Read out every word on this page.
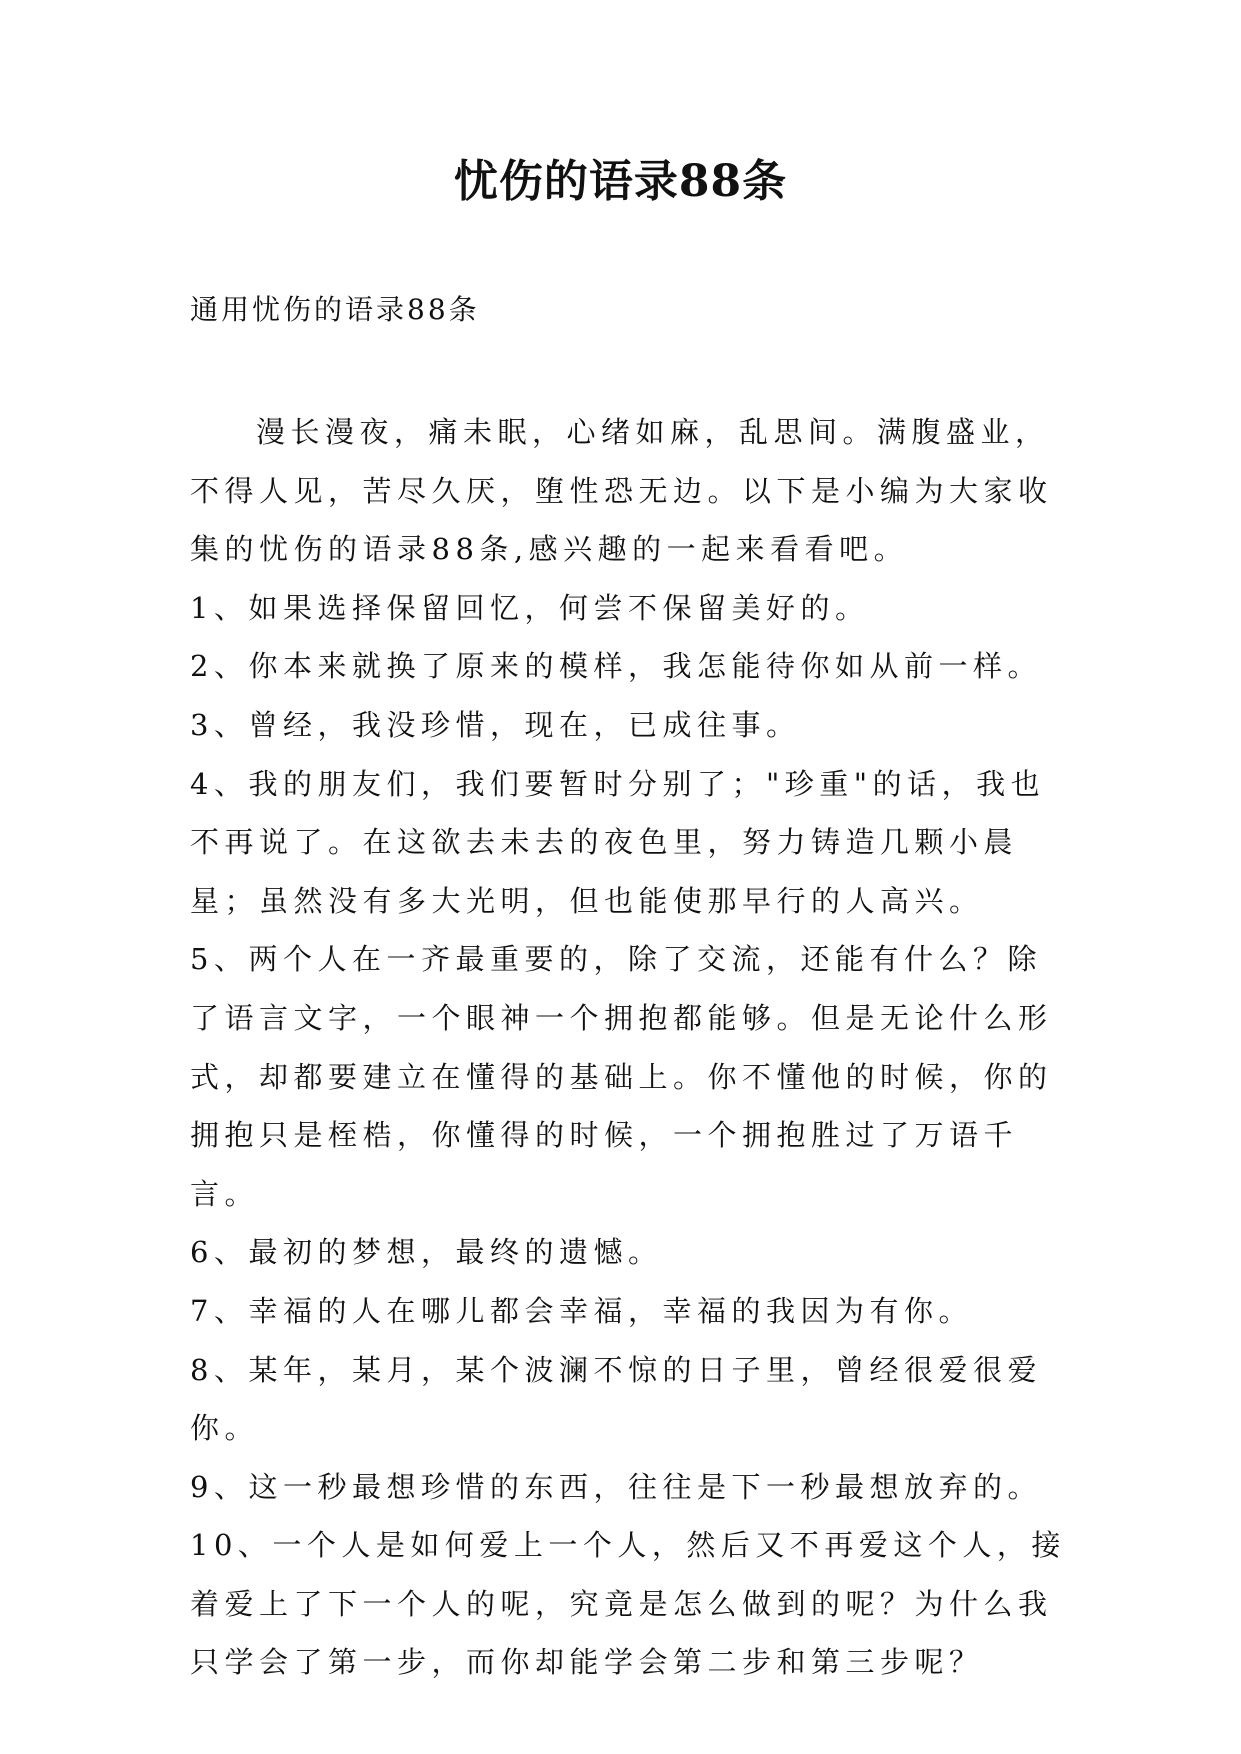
忧伤的语录88条
通用忧伤的语录88条

漫长漫夜，痛未眠，心绪如麻，乱思间。满腹盛业，不得人见，苦尽久厌，堕性恐无边。以下是小编为大家收集的忧伤的语录88条,感兴趣的一起来看看吧。

1、如果选择保留回忆，何尝不保留美好的。

2、你本来就换了原来的模样，我怎能待你如从前一样。

3、曾经，我没珍惜，现在，已成往事。

4、我的朋友们，我们要暂时分别了；"珍重"的话，我也不再说了。在这欲去未去的夜色里，努力铸造几颗小晨星；虽然没有多大光明，但也能使那早行的人高兴。

5、两个人在一齐最重要的，除了交流，还能有什么？除了语言文字，一个眼神一个拥抱都能够。但是无论什么形式，却都要建立在懂得的基础上。你不懂他的时候，你的拥抱只是桎梏，你懂得的时候，一个拥抱胜过了万语千言。

6、最初的梦想，最终的遗憾。

7、幸福的人在哪儿都会幸福，幸福的我因为有你。

8、某年，某月，某个波澜不惊的日子里，曾经很爱很爱你。

9、这一秒最想珍惜的东西，往往是下一秒最想放弃的。

10、一个人是如何爱上一个人，然后又不再爱这个人，接着爱上了下一个人的呢，究竟是怎么做到的呢？为什么我只学会了第一步，而你却能学会第二步和第三步呢？
